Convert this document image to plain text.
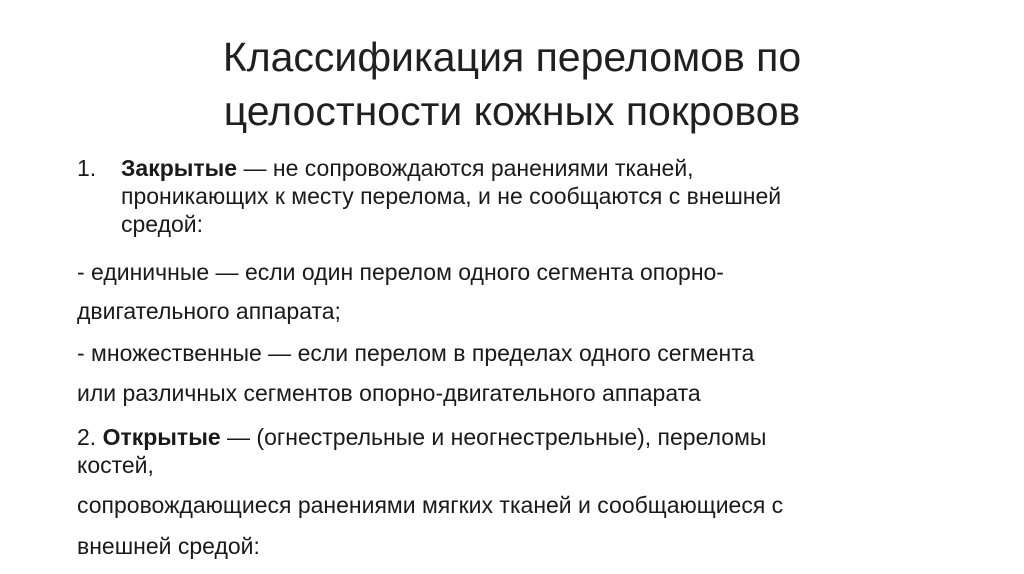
Классификация переломов по
целостности кожных покровов
1. Закрытые — не сопровождаются ранениями тканей,
проникающих к месту перелома, и не сообщаются с внешней
средой:
- единичные — если один перелом одного сегмента опорно-
двигательного аппарата;
- множественные — если перелом в пределах одного сегмента
или различных сегментов опорно-двигательного аппарата
2. Открытые — (огнестрельные и неогнестрельные), переломы
костей,
сопровождающиеся ранениями мягких тканей и сообщающиеся с
внешней средой:
